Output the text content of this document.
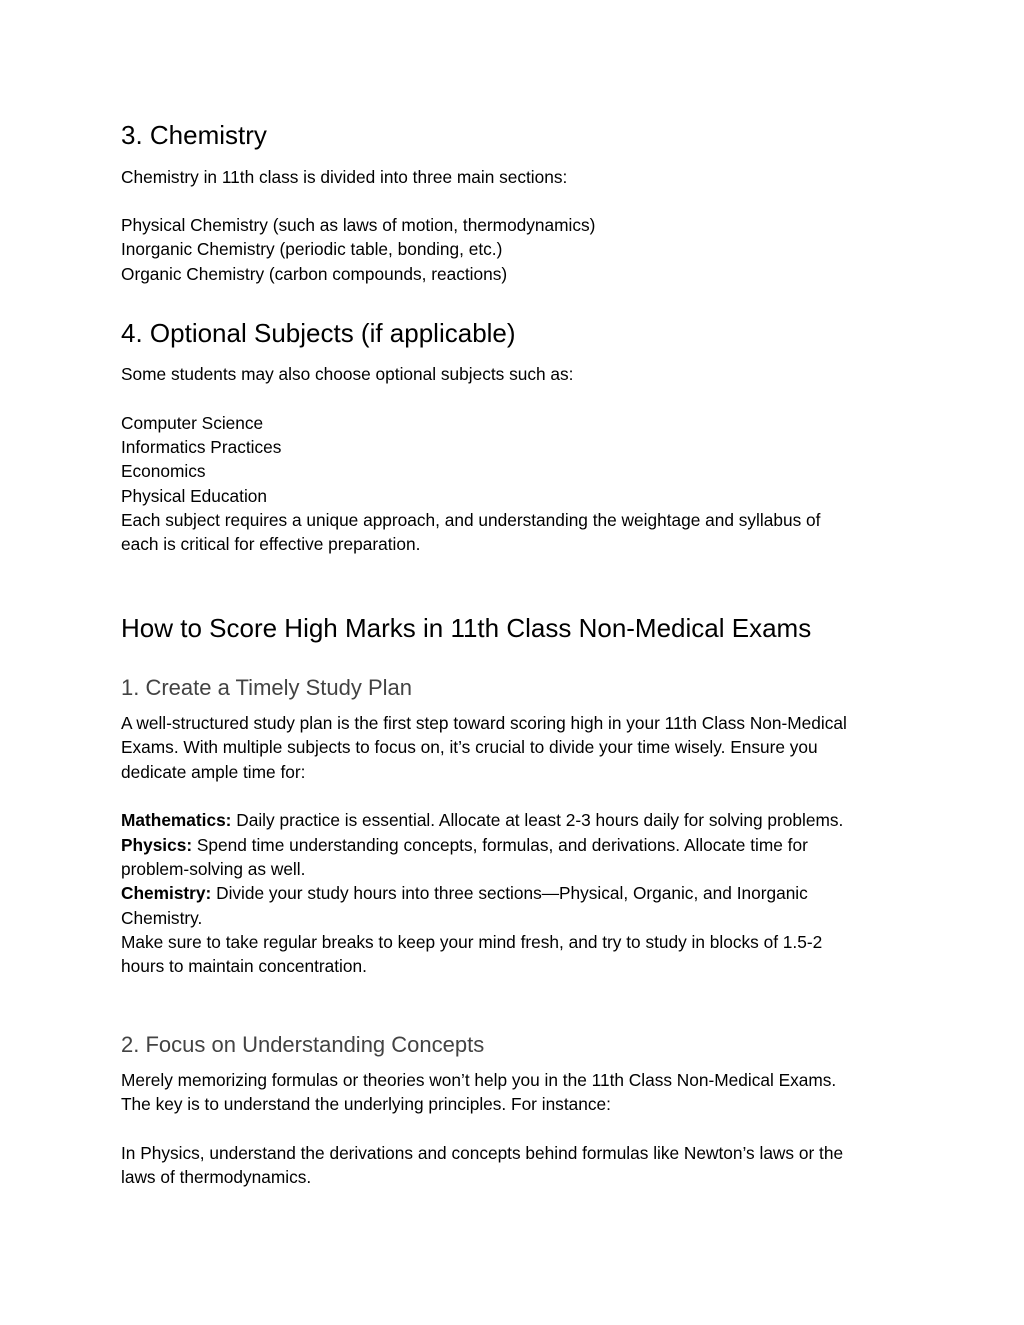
3. Chemistry

Chemistry in 11th class is divided into three main sections:

Physical Chemistry (such as laws of motion, thermodynamics)

Inorganic Chemistry (periodic table, bonding, etc.)

Organic Chemistry (carbon compounds, reactions)

4. Optional Subjects (if applicable)

Some students may also choose optional subjects such as:

Computer Science

Informatics Practices

Economics

Physical Education

Each subject requires a unique approach, and understanding the weightage and syllabus of

each is critical for effective preparation.

How to Score High Marks in 11th Class Non-Medical Exams
1. Create a Timely Study Plan

A well-structured study plan is the first step toward scoring high in your 11th Class Non-Medical

Exams. With multiple subjects to focus on, it’s crucial to divide your time wisely. Ensure you

dedicate ample time for:

Mathematics: Daily practice is essential. Allocate at least 2-3 hours daily for solving problems.

Physics: Spend time understanding concepts, formulas, and derivations. Allocate time for

problem-solving as well.

Chemistry: Divide your study hours into three sections—Physical, Organic, and Inorganic

Chemistry.

Make sure to take regular breaks to keep your mind fresh, and try to study in blocks of 1.5-2

hours to maintain concentration.

2. Focus on Understanding Concepts

Merely memorizing formulas or theories won’t help you in the 11th Class Non-Medical Exams.

The key is to understand the underlying principles. For instance:

In Physics, understand the derivations and concepts behind formulas like Newton’s laws or the

laws of thermodynamics.
